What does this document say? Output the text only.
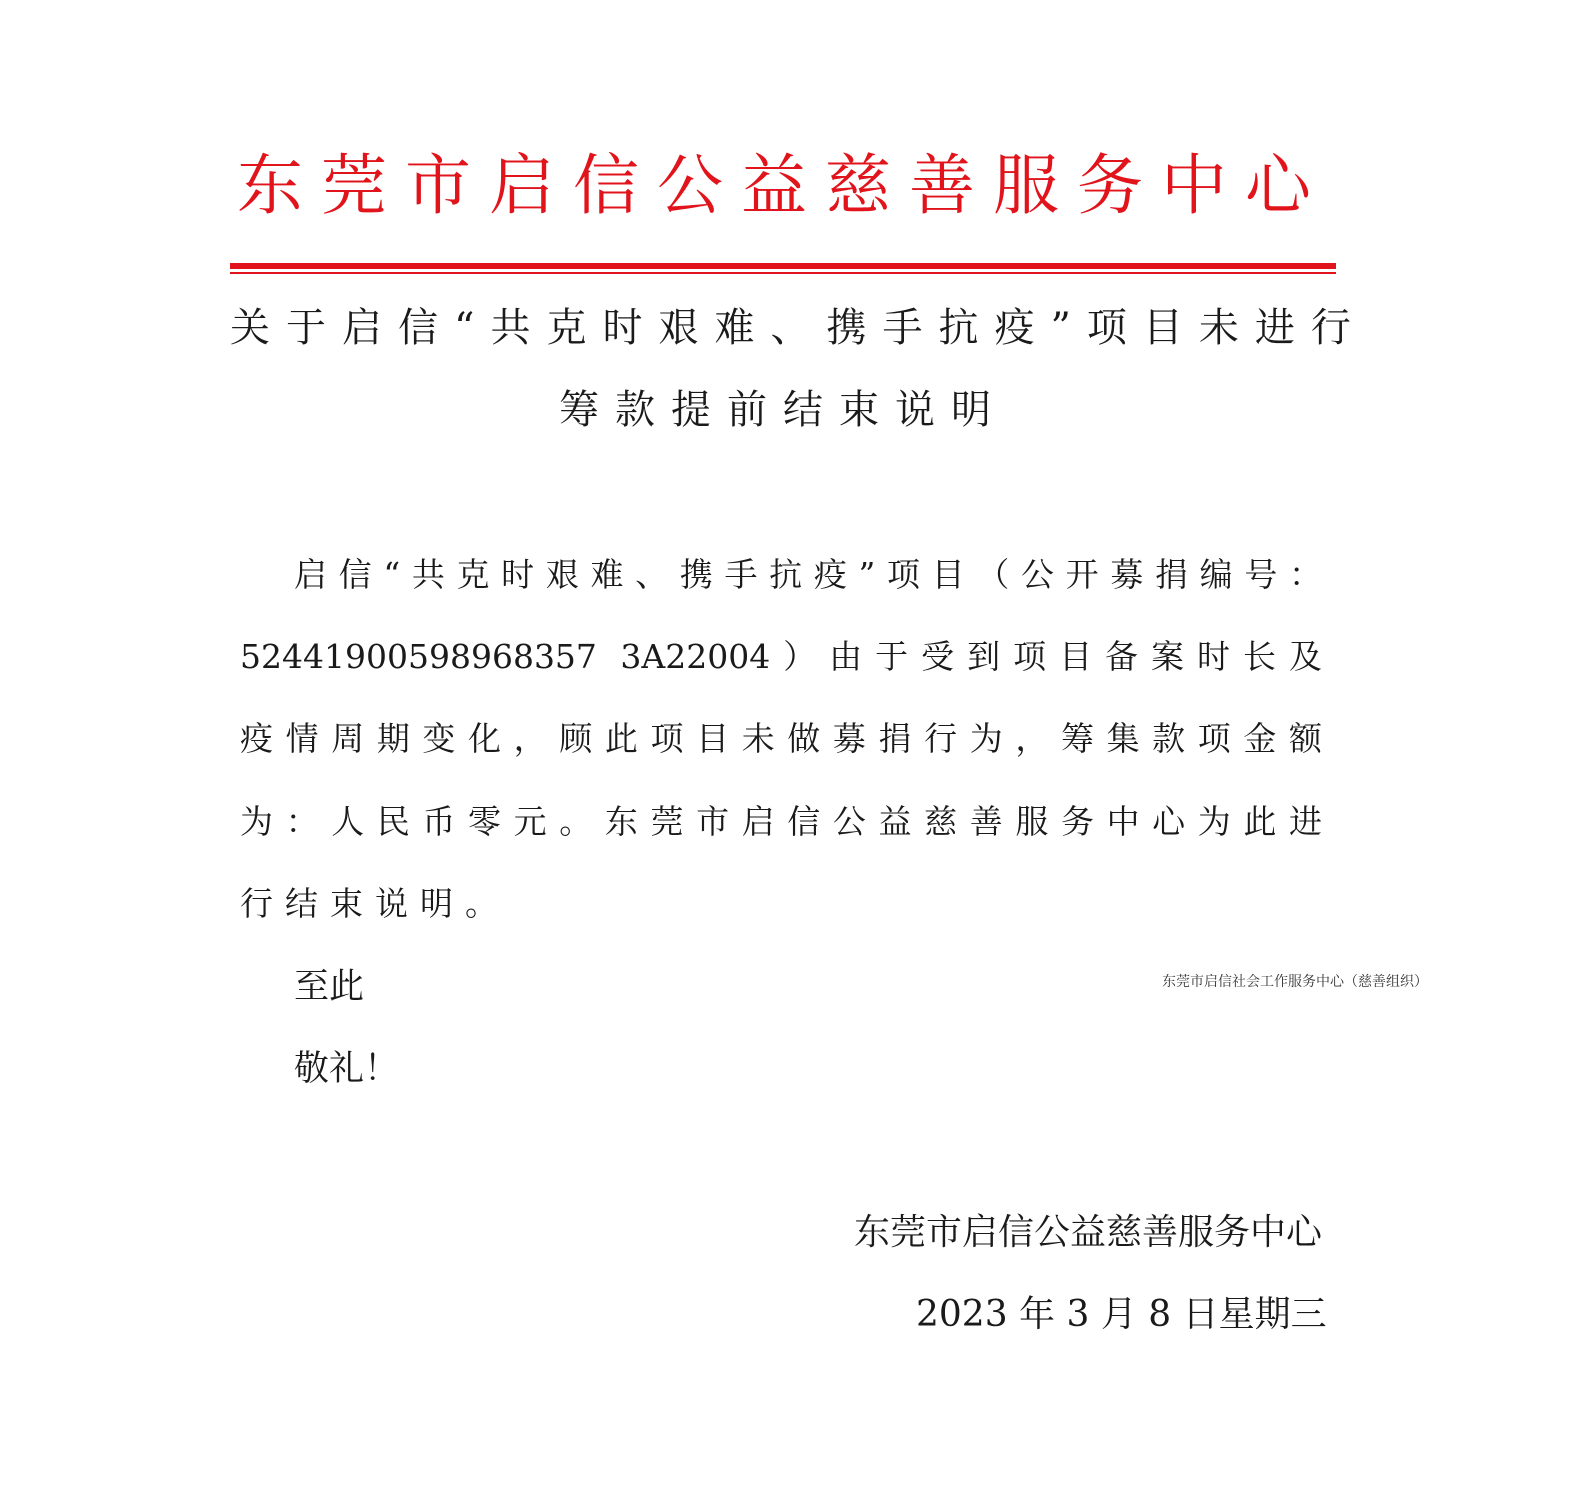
东莞市启信公益慈善服务中心
关于启信“共克时艰难、携手抗疫”项目未进行
筹款提前结束说明
启信“共克时艰难、携手抗疫”项目（公开募捐编号：
52441900598968357 3A22004）由于受到项目备案时长及
疫情周期变化，顾此项目未做募捐行为，筹集款项金额
为：人民币零元。东莞市启信公益慈善服务中心为此进
行结束说明。
至此
敬礼！
东莞市启信社会工作服务中心（慈善组织）
东莞市启信公益慈善服务中心
2023 年 3 月 8 日星期三
